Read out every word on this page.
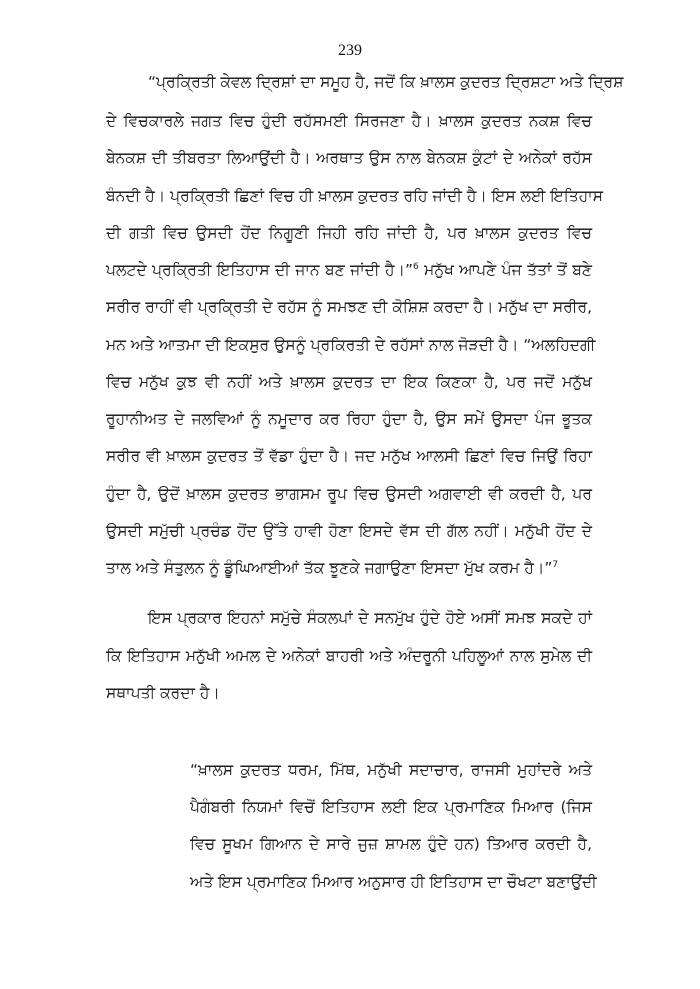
239
“ਪ੍ਰਕ੍ਰਿਤੀ ਕੇਵਲ ਦ੍ਰਿਸ਼ਾਂ ਦਾ ਸਮੂਹ ਹੈ, ਜਦੋਂ ਕਿ ਖ਼ਾਲਸ ਕੁਦਰਤ ਦ੍ਰਿਸ਼ਟਾ ਅਤੇ ਦ੍ਰਿਸ਼
ਦੇ ਵਿਚਕਾਰਲੇ ਜਗਤ ਵਿਚ ਹੁੰਦੀ ਰਹੱਸਮਈ ਸਿਰਜਣਾ ਹੈ। ਖ਼ਾਲਸ ਕੁਦਰਤ ਨਕਸ਼ ਵਿਚ
ਬੇਨਕਸ਼ ਦੀ ਤੀਬਰਤਾ ਲਿਆਉਂਦੀ ਹੈ। ਅਰਥਾਤ ਉਸ ਨਾਲ ਬੇਨਕਸ਼ ਕੁੰਟਾਂ ਦੇ ਅਨੇਕਾਂ ਰਹੱਸ
ਬੰਨਦੀ ਹੈ। ਪ੍ਰਕ੍ਰਿਤੀ ਛਿਣਾਂ ਵਿਚ ਹੀ ਖ਼ਾਲਸ ਕੁਦਰਤ ਰਹਿ ਜਾਂਦੀ ਹੈ। ਇਸ ਲਈ ਇਤਿਹਾਸ
ਦੀ ਗਤੀ ਵਿਚ ਉਸਦੀ ਹੋਂਦ ਨਿਗੂਣੀ ਜਿਹੀ ਰਹਿ ਜਾਂਦੀ ਹੈ, ਪਰ ਖ਼ਾਲਸ ਕੁਦਰਤ ਵਿਚ
ਪਲਟਦੇ ਪ੍ਰਕ੍ਰਿਤੀ ਇਤਿਹਾਸ ਦੀ ਜਾਨ ਬਣ ਜਾਂਦੀ ਹੈ।”$^6$ ਮਨੁੱਖ ਆਪਣੇ ਪੰਜ ਤੱਤਾਂ ਤੋਂ ਬਣੇ
ਸਰੀਰ ਰਾਹੀਂ ਵੀ ਪ੍ਰਕ੍ਰਿਤੀ ਦੇ ਰਹੱਸ ਨੂੰ ਸਮਝਣ ਦੀ ਕੋਸ਼ਿਸ਼ ਕਰਦਾ ਹੈ। ਮਨੁੱਖ ਦਾ ਸਰੀਰ,
ਮਨ ਅਤੇ ਆਤਮਾ ਦੀ ਇਕਸੁਰ ਉਸਨੂੰ ਪ੍ਰਕਿਰਤੀ ਦੇ ਰਹੱਸਾਂ ਨਾਲ ਜੋੜਦੀ ਹੈ। “ਅਲਹਿਦਗੀ
ਵਿਚ ਮਨੁੱਖ ਕੁਝ ਵੀ ਨਹੀਂ ਅਤੇ ਖ਼ਾਲਸ ਕੁਦਰਤ ਦਾ ਇਕ ਕਿਣਕਾ ਹੈ, ਪਰ ਜਦੋਂ ਮਨੁੱਖ
ਰੂਹਾਨੀਅਤ ਦੇ ਜਲਵਿਆਂ ਨੂੰ ਨਮੂਦਾਰ ਕਰ ਰਿਹਾ ਹੁੰਦਾ ਹੈ, ਉਸ ਸਮੇਂ ਉਸਦਾ ਪੰਜ ਭੂਤਕ
ਸਰੀਰ ਵੀ ਖ਼ਾਲਸ ਕੁਦਰਤ ਤੋਂ ਵੱਡਾ ਹੁੰਦਾ ਹੈ। ਜਦ ਮਨੁੱਖ ਆਲਸੀ ਛਿਣਾਂ ਵਿਚ ਜਿਉਂ ਰਿਹਾ
ਹੁੰਦਾ ਹੈ, ਉਦੋਂ ਖ਼ਾਲਸ ਕੁਦਰਤ ਭਾਗਸਮ ਰੂਪ ਵਿਚ ਉਸਦੀ ਅਗਵਾਈ ਵੀ ਕਰਦੀ ਹੈ, ਪਰ
ਉਸਦੀ ਸਮੁੱਚੀ ਪ੍ਰਚੰਡ ਹੋਂਦ ਉੱਤੇ ਹਾਵੀ ਹੋਣਾ ਇਸਦੇ ਵੱਸ ਦੀ ਗੱਲ ਨਹੀਂ। ਮਨੁੱਖੀ ਹੋਂਦ ਦੇ
ਤਾਲ ਅਤੇ ਸੰਤੁਲਨ ਨੂੰ ਡੂੰਘਿਆਈਆਂ ਤੱਕ ਝੂਣਕੇ ਜਗਾਉਣਾ ਇਸਦਾ ਮੁੱਖ ਕਰਮ ਹੈ।”$^7$
ਇਸ ਪ੍ਰਕਾਰ ਇਹਨਾਂ ਸਮੁੱਚੇ ਸੰਕਲਪਾਂ ਦੇ ਸਨਮੁੱਖ ਹੁੰਦੇ ਹੋਏ ਅਸੀਂ ਸਮਝ ਸਕਦੇ ਹਾਂ
ਕਿ ਇਤਿਹਾਸ ਮਨੁੱਖੀ ਅਮਲ ਦੇ ਅਨੇਕਾਂ ਬਾਹਰੀ ਅਤੇ ਅੰਦਰੂਨੀ ਪਹਿਲੂਆਂ ਨਾਲ ਸੁਮੇਲ ਦੀ
ਸਥਾਪਤੀ ਕਰਦਾ ਹੈ।
“ਖ਼ਾਲਸ ਕੁਦਰਤ ਧਰਮ, ਮਿੱਥ, ਮਨੁੱਖੀ ਸਦਾਚਾਰ, ਰਾਜਸੀ ਮੁਹਾਂਦਰੇ ਅਤੇ
ਪੈਗੰਬਰੀ ਨਿਯਮਾਂ ਵਿਚੋਂ ਇਤਿਹਾਸ ਲਈ ਇਕ ਪ੍ਰਮਾਣਿਕ ਮਿਆਰ (ਜਿਸ
ਵਿਚ ਸੂਖਮ ਗਿਆਨ ਦੇ ਸਾਰੇ ਜੁਜ਼ ਸ਼ਾਮਲ ਹੁੰਦੇ ਹਨ) ਤਿਆਰ ਕਰਦੀ ਹੈ,
ਅਤੇ ਇਸ ਪ੍ਰਮਾਣਿਕ ਮਿਆਰ ਅਨੁਸਾਰ ਹੀ ਇਤਿਹਾਸ ਦਾ ਚੌਖਟਾ ਬਣਾਉਂਦੀ
